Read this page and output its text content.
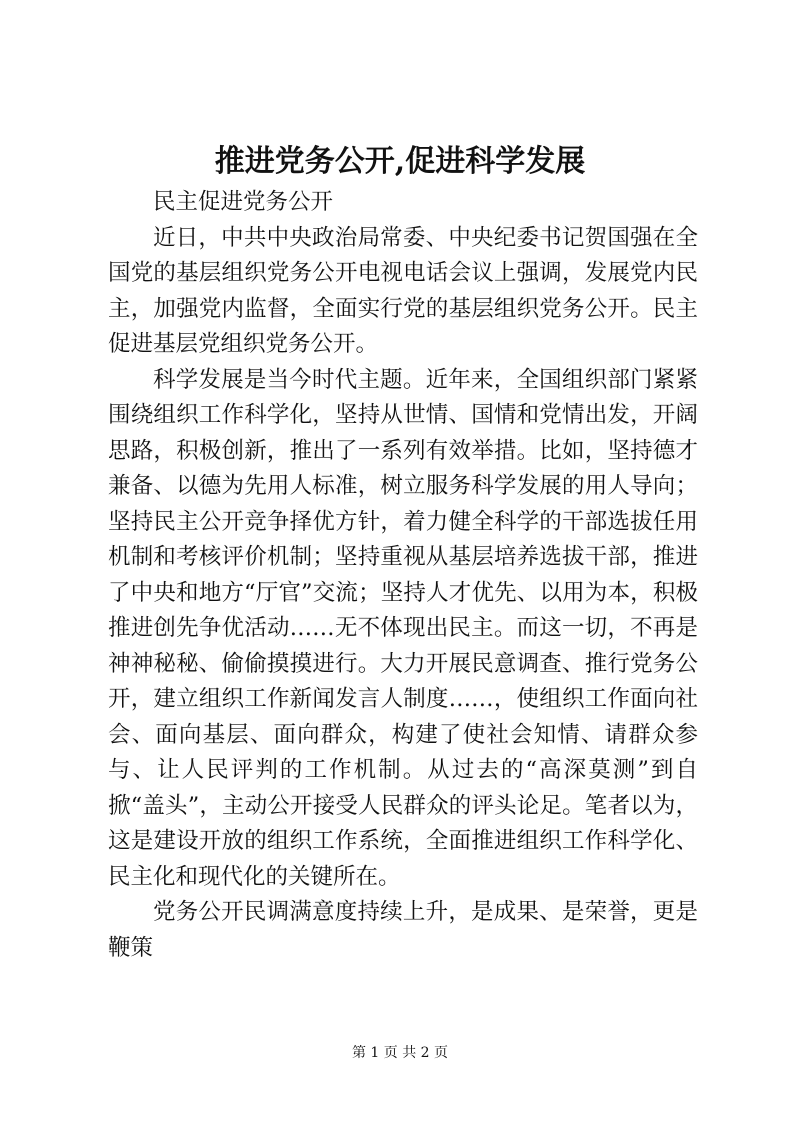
推进党务公开,促进科学发展

民主促进党务公开

近日，中共中央政治局常委、中央纪委书记贺国强在全国党的基层组织党务公开电视电话会议上强调，发展党内民主，加强党内监督，全面实行党的基层组织党务公开。民主促进基层党组织党务公开。

科学发展是当今时代主题。近年来，全国组织部门紧紧围绕组织工作科学化，坚持从世情、国情和党情出发，开阔思路，积极创新，推出了一系列有效举措。比如，坚持德才兼备、以德为先用人标准，树立服务科学发展的用人导向；坚持民主公开竞争择优方针，着力健全科学的干部选拔任用机制和考核评价机制；坚持重视从基层培养选拔干部，推进了中央和地方“厅官”交流；坚持人才优先、以用为本，积极推进创先争优活动……无不体现出民主。而这一切，不再是神神秘秘、偷偷摸摸进行。大力开展民意调查、推行党务公开，建立组织工作新闻发言人制度……，使组织工作面向社会、面向基层、面向群众，构建了使社会知情、请群众参与、让人民评判的工作机制。从过去的“高深莫测”到自掀“盖头”，主动公开接受人民群众的评头论足。笔者以为，这是建设开放的组织工作系统，全面推进组织工作科学化、民主化和现代化的关键所在。

党务公开民调满意度持续上升，是成果、是荣誉，更是鞭策

第 1 页 共 2 页
